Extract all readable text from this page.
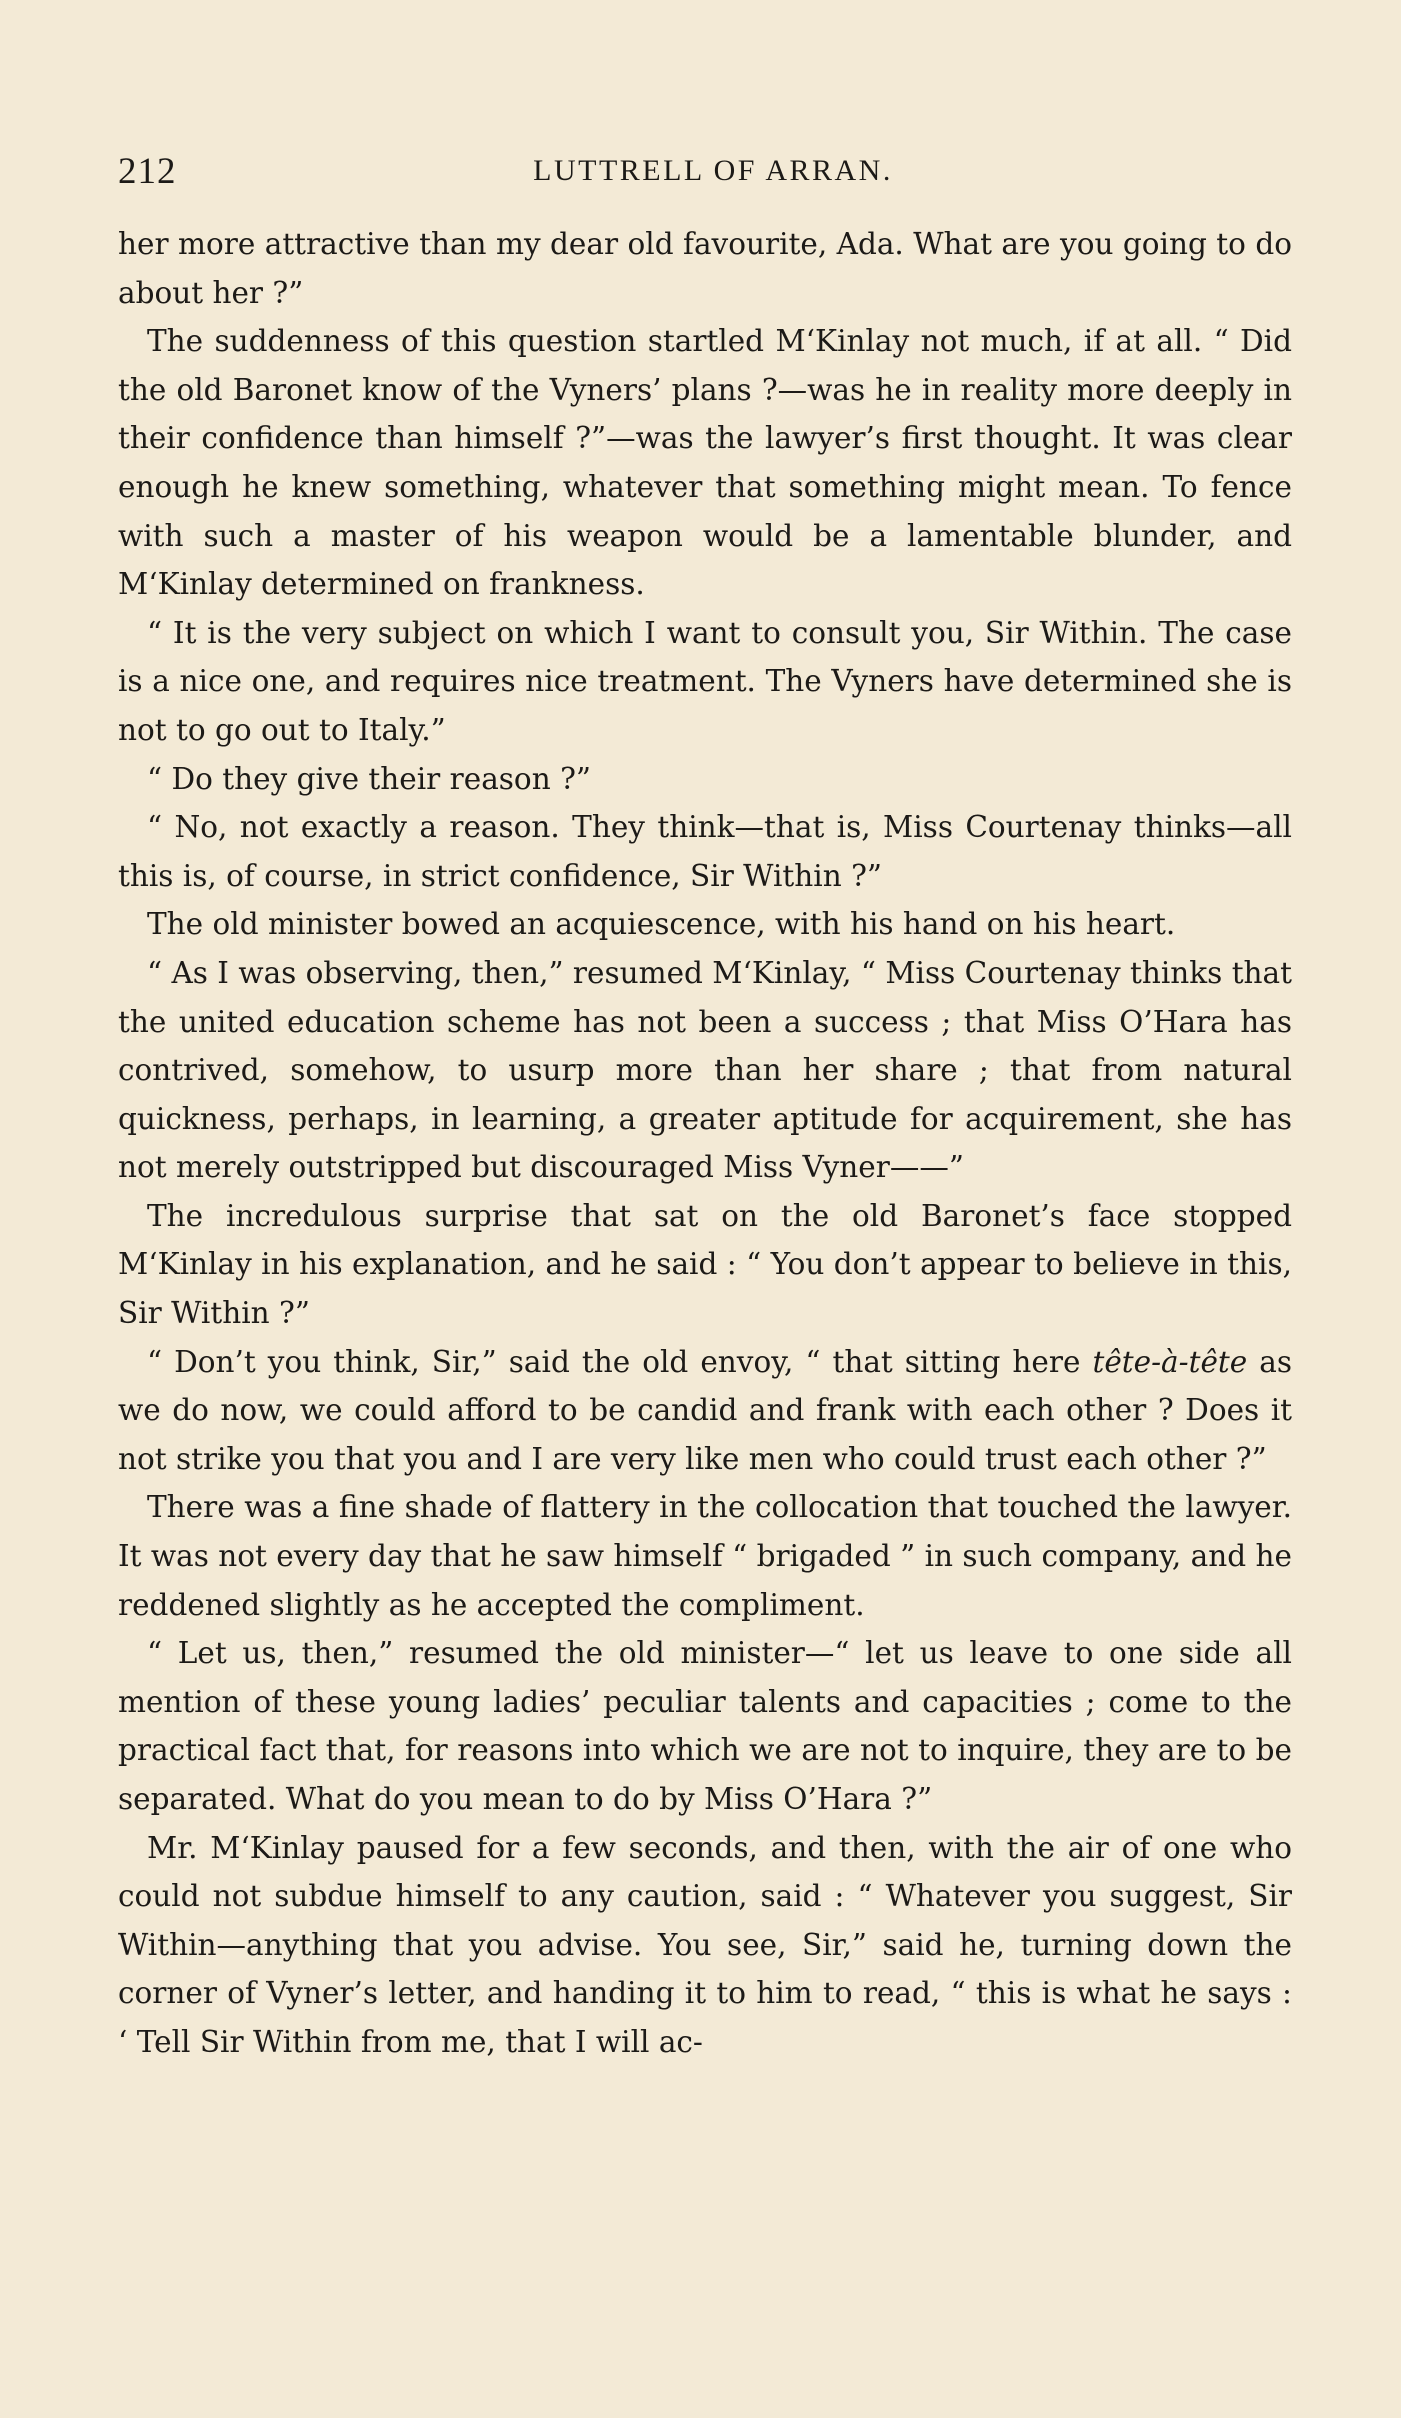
212	LUTTRELL OF ARRAN.

her more attractive than my dear old favourite, Ada. What are you going to do about her ?”

The suddenness of this question startled M‘Kinlay not much, if at all. “ Did the old Baronet know of the Vyners’ plans ?—was he in reality more deeply in their confidence than himself ?”—was the lawyer’s first thought. It was clear enough he knew something, whatever that something might mean. To fence with such a master of his weapon would be a lamentable blunder, and M‘Kinlay determined on frankness.

“ It is the very subject on which I want to consult you, Sir Within. The case is a nice one, and requires nice treatment. The Vyners have determined she is not to go out to Italy.”

“ Do they give their reason ?”

“ No, not exactly a reason. They think—that is, Miss Courtenay thinks—all this is, of course, in strict confidence, Sir Within ?”

The old minister bowed an acquiescence, with his hand on his heart.

“ As I was observing, then,” resumed M‘Kinlay, “ Miss Courtenay thinks that the united education scheme has not been a success ; that Miss O’Hara has contrived, somehow, to usurp more than her share ; that from natural quickness, perhaps, in learning, a greater aptitude for acquirement, she has not merely outstripped but discouraged Miss Vyner——”

The incredulous surprise that sat on the old Baronet’s face stopped M‘Kinlay in his explanation, and he said : “ You don’t appear to believe in this, Sir Within ?”

“ Don’t you think, Sir,” said the old envoy, “ that sitting here tête-à-tête as we do now, we could afford to be candid and frank with each other ? Does it not strike you that you and I are very like men who could trust each other ?”

There was a fine shade of flattery in the collocation that touched the lawyer. It was not every day that he saw himself “ brigaded ” in such company, and he reddened slightly as he accepted the compliment.

“ Let us, then,” resumed the old minister—“ let us leave to one side all mention of these young ladies’ peculiar talents and capacities ; come to the practical fact that, for reasons into which we are not to inquire, they are to be separated. What do you mean to do by Miss O’Hara ?”

Mr. M‘Kinlay paused for a few seconds, and then, with the air of one who could not subdue himself to any caution, said : “ Whatever you suggest, Sir Within—anything that you advise. You see, Sir,” said he, turning down the corner of Vyner’s letter, and handing it to him to read, “ this is what he says : ‘ Tell Sir Within from me, that I will ac-
